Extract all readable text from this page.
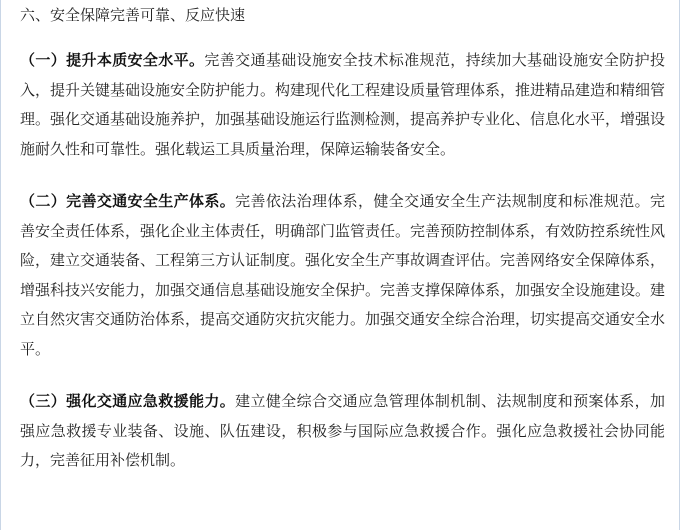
六、安全保障完善可靠、反应快速

（一）提升本质安全水平。完善交通基础设施安全技术标准规范，持续加大基础设施安全防护投入，提升关键基础设施安全防护能力。构建现代化工程建设质量管理体系，推进精品建造和精细管理。强化交通基础设施养护，加强基础设施运行监测检测，提高养护专业化、信息化水平，增强设施耐久性和可靠性。强化载运工具质量治理，保障运输装备安全。

（二）完善交通安全生产体系。完善依法治理体系，健全交通安全生产法规制度和标准规范。完善安全责任体系，强化企业主体责任，明确部门监管责任。完善预防控制体系，有效防控系统性风险，建立交通装备、工程第三方认证制度。强化安全生产事故调查评估。完善网络安全保障体系，增强科技兴安能力，加强交通信息基础设施安全保护。完善支撑保障体系，加强安全设施建设。建立自然灾害交通防治体系，提高交通防灾抗灾能力。加强交通安全综合治理，切实提高交通安全水平。

（三）强化交通应急救援能力。建立健全综合交通应急管理体制机制、法规制度和预案体系，加强应急救援专业装备、设施、队伍建设，积极参与国际应急救援合作。强化应急救援社会协同能力，完善征用补偿机制。
